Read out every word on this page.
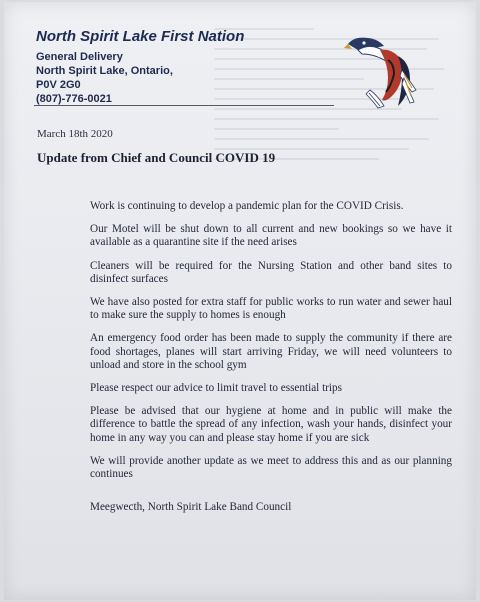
North Spirit Lake First Nation
General Delivery
North Spirit Lake, Ontario,
P0V 2G0
(807)-776-0021
March 18th 2020
Update from Chief and Council COVID 19

Work is continuing to develop a pandemic plan for the COVID Crisis.

Our Motel will be shut down to all current and new bookings so we have it available as a quarantine site if the need arises

Cleaners will be required for the Nursing Station and other band sites to disinfect surfaces

We have also posted for extra staff for public works to run water and sewer haul to make sure the supply to homes is enough

An emergency food order has been made to supply the community if there are food shortages, planes will start arriving Friday, we will need volunteers to unload and store in the school gym

Please respect our advice to limit travel to essential trips

Please be advised that our hygiene at home and in public will make the difference to battle the spread of any infection, wash your hands, disinfect your home in any way you can and please stay home if you are sick

We will provide another update as we meet to address this and as our planning continues

Meegwecth, North Spirit Lake Band Council
